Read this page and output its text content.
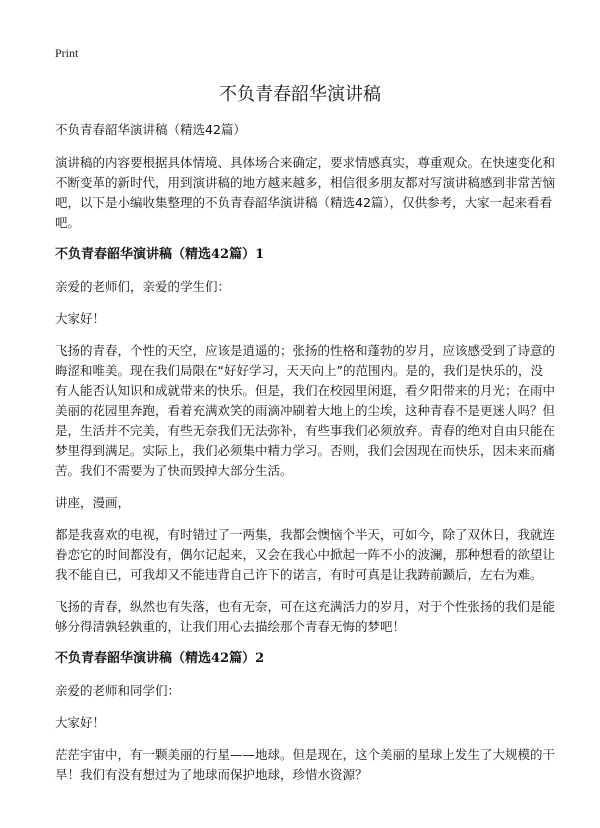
Print
不负青春韶华演讲稿

不负青春韶华演讲稿（精选42篇）

演讲稿的内容要根据具体情境、具体场合来确定，要求情感真实，尊重观众。在快速变化和不断变革的新时代，用到演讲稿的地方越来越多，相信很多朋友都对写演讲稿感到非常苦恼吧，以下是小编收集整理的不负青春韶华演讲稿（精选42篇），仅供参考，大家一起来看看吧。

不负青春韶华演讲稿（精选42篇）1

亲爱的老师们，亲爱的学生们：

大家好！

飞扬的青春，个性的天空，应该是逍遥的；张扬的性格和蓬勃的岁月，应该感受到了诗意的晦涩和唯美。现在我们局限在“好好学习，天天向上”的范围内。是的，我们是快乐的，没有人能否认知识和成就带来的快乐。但是，我们在校园里闲逛，看夕阳带来的月光；在雨中美丽的花园里奔跑，看着充满欢笑的雨滴冲刷着大地上的尘埃，这种青春不是更迷人吗？但是，生活并不完美，有些无奈我们无法弥补，有些事我们必须放弃。青春的绝对自由只能在梦里得到满足。实际上，我们必须集中精力学习。否则，我们会因现在而快乐，因未来而痛苦。我们不需要为了快而毁掉大部分生活。

讲座，漫画，

都是我喜欢的电视，有时错过了一两集，我都会懊恼个半天，可如今，除了双休日，我就连眷恋它的时间都没有，偶尔记起来，又会在我心中掀起一阵不小的波澜，那种想看的欲望让我不能自已，可我却又不能违背自己许下的诺言，有时可真是让我踌前踬后，左右为难。

飞扬的青春，纵然也有失落，也有无奈，可在这充满活力的岁月，对于个性张扬的我们是能够分得清孰轻孰重的，让我们用心去描绘那个青春无悔的梦吧！

不负青春韶华演讲稿（精选42篇）2

亲爱的老师和同学们：

大家好！

茫茫宇宙中，有一颗美丽的行星——地球。但是现在，这个美丽的星球上发生了大规模的干旱！我们有没有想过为了地球而保护地球，珍惜水资源？
